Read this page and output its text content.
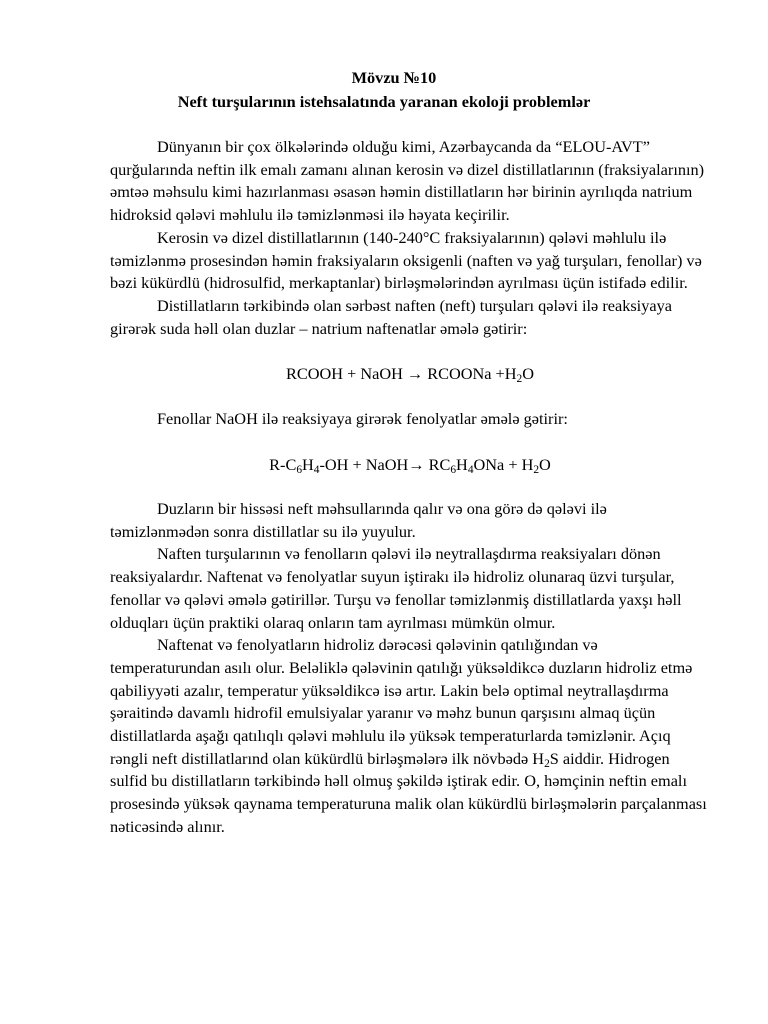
Mövzu №10
Neft turşularının istehsalatında yaranan ekoloji problemlər

Dünyanın bir çox ölkələrində olduğu kimi, Azərbaycanda da “ELOU-AVT” qurğularında neftin ilk emalı zamanı alınan kerosin və dizel distillatlarının (fraksiyalarının) əmtəə məhsulu kimi hazırlanması əsasən həmin distillatların hər birinin ayrılıqda natrium hidroksid qələvi məhlulu ilə təmizlənməsi ilə həyata keçirilir.

Kerosin və dizel distillatlarının (140-240°C fraksiyalarının) qələvi məhlulu ilə təmizlənmə prosesindən həmin fraksiyaların oksigenli (naften və yağ turşuları, fenollar) və bəzi kükürdlü (hidrosulfid, merkaptanlar) birləşmələrindən ayrılması üçün istifadə edilir.

Distillatların tərkibində olan sərbəst naften (neft) turşuları qələvi ilə reaksiyaya girərək suda həll olan duzlar – natrium naftenatlar əmələ gətirir:

RCOOH + NaOH → RCOONa $+H_2O$

Fenollar NaOH ilə reaksiyaya girərək fenolyatlar əmələ gətirir:

$R-C_6H_4-OH$ + NaOH→ $RC_6H_4ONa + H_2O$

Duzların bir hissəsi neft məhsullarında qalır və ona görə də qələvi ilə təmizlənmədən sonra distillatlar su ilə yuyulur.

Naften turşularının və fenolların qələvi ilə neytrallaşdırma reaksiyaları dönən reaksiyalardır. Naftenat və fenolyatlar suyun iştirakı ilə hidroliz olunaraq üzvi turşular, fenollar və qələvi əmələ gətirillər. Turşu və fenollar təmizlənmiş distillatlarda yaxşı həll olduqları üçün praktiki olaraq onların tam ayrılması mümkün olmur.

Naftenat və fenolyatların hidroliz dərəcəsi qələvinin qatılığından və temperaturundan asılı olur. Beləliklə qələvinin qatılığı yüksəldikcə duzların hidroliz etmə qabiliyyəti azalır, temperatur yüksəldikcə isə artır. Lakin belə optimal neytrallaşdırma şəraitində davamlı hidrofil emulsiyalar yaranır və məhz bunun qarşısını almaq üçün distillatlarda aşağı qatılıqlı qələvi məhlulu ilə yüksək temperaturlarda təmizlənir. Açıq rəngli neft distillatlarınd olan kükürdlü birləşmələrə ilk növbədə $H_2S$ aiddir. Hidrogen sulfid bu distillatların tərkibində həll olmuş şəkildə iştirak edir. O, həmçinin neftin emalı prosesində yüksək qaynama temperaturuna malik olan kükürdlü birləşmələrin parçalanması nəticəsində alınır.
